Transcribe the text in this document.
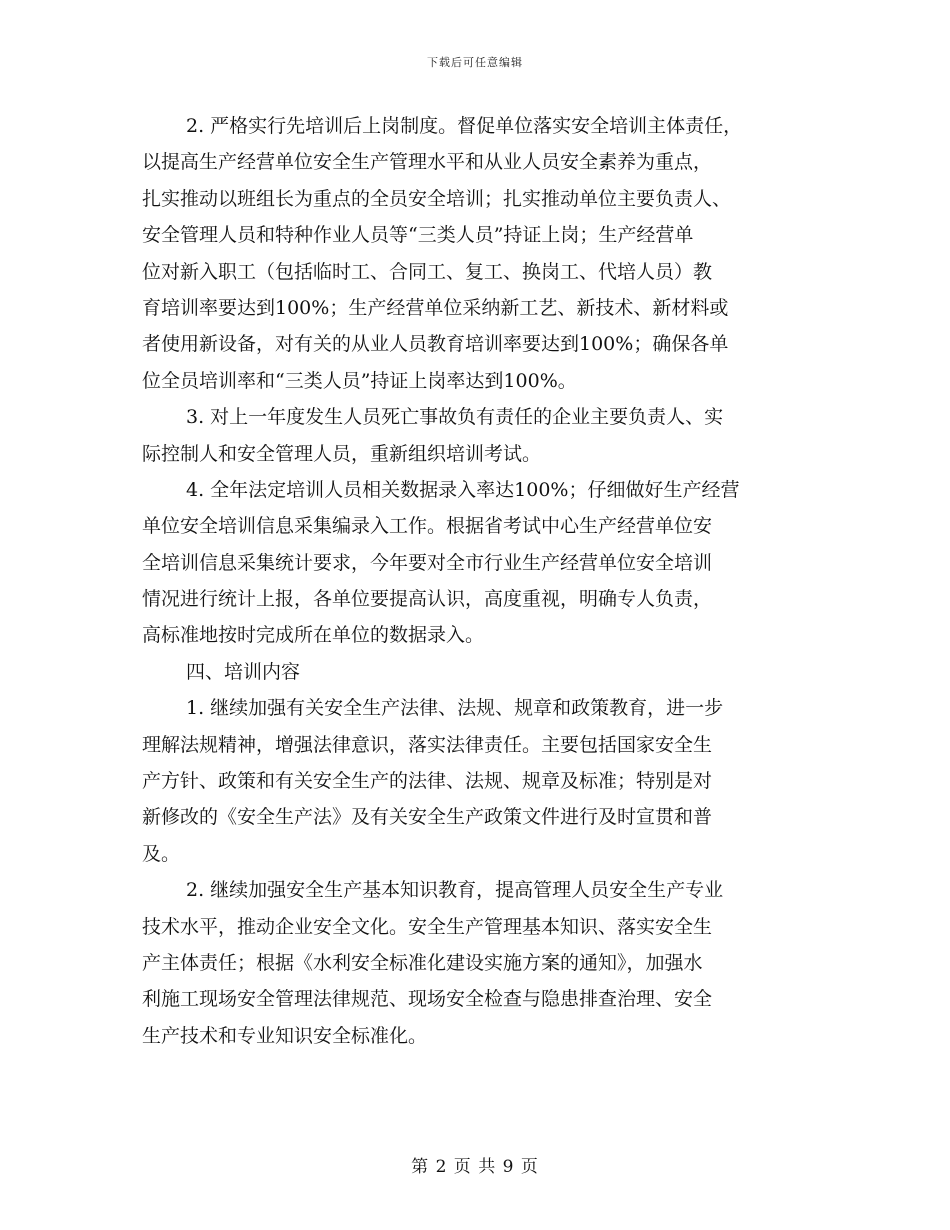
下载后可任意编辑
2. 严格实行先培训后上岗制度。督促单位落实安全培训主体责任，
以提高生产经营单位安全生产管理水平和从业人员安全素养为重点，
扎实推动以班组长为重点的全员安全培训；扎实推动单位主要负责人、
安全管理人员和特种作业人员等“三类人员”持证上岗；生产经营单
位对新入职工（包括临时工、合同工、复工、换岗工、代培人员）教
育培训率要达到100%；生产经营单位采纳新工艺、新技术、新材料或
者使用新设备，对有关的从业人员教育培训率要达到100%；确保各单
位全员培训率和“三类人员”持证上岗率达到100%。
3. 对上一年度发生人员死亡事故负有责任的企业主要负责人、实
际控制人和安全管理人员，重新组织培训考试。
4. 全年法定培训人员相关数据录入率达100%；仔细做好生产经营
单位安全培训信息采集编录入工作。根据省考试中心生产经营单位安
全培训信息采集统计要求，今年要对全市行业生产经营单位安全培训
情况进行统计上报，各单位要提高认识，高度重视，明确专人负责，
高标准地按时完成所在单位的数据录入。
四、培训内容
1. 继续加强有关安全生产法律、法规、规章和政策教育，进一步
理解法规精神，增强法律意识，落实法律责任。主要包括国家安全生
产方针、政策和有关安全生产的法律、法规、规章及标准；特别是对
新修改的《安全生产法》及有关安全生产政策文件进行及时宣贯和普
及。
2. 继续加强安全生产基本知识教育，提高管理人员安全生产专业
技术水平，推动企业安全文化。安全生产管理基本知识、落实安全生
产主体责任；根据《水利安全标准化建设实施方案的通知》，加强水
利施工现场安全管理法律规范、现场安全检查与隐患排查治理、安全
生产技术和专业知识安全标准化。
第 2 页 共 9 页
